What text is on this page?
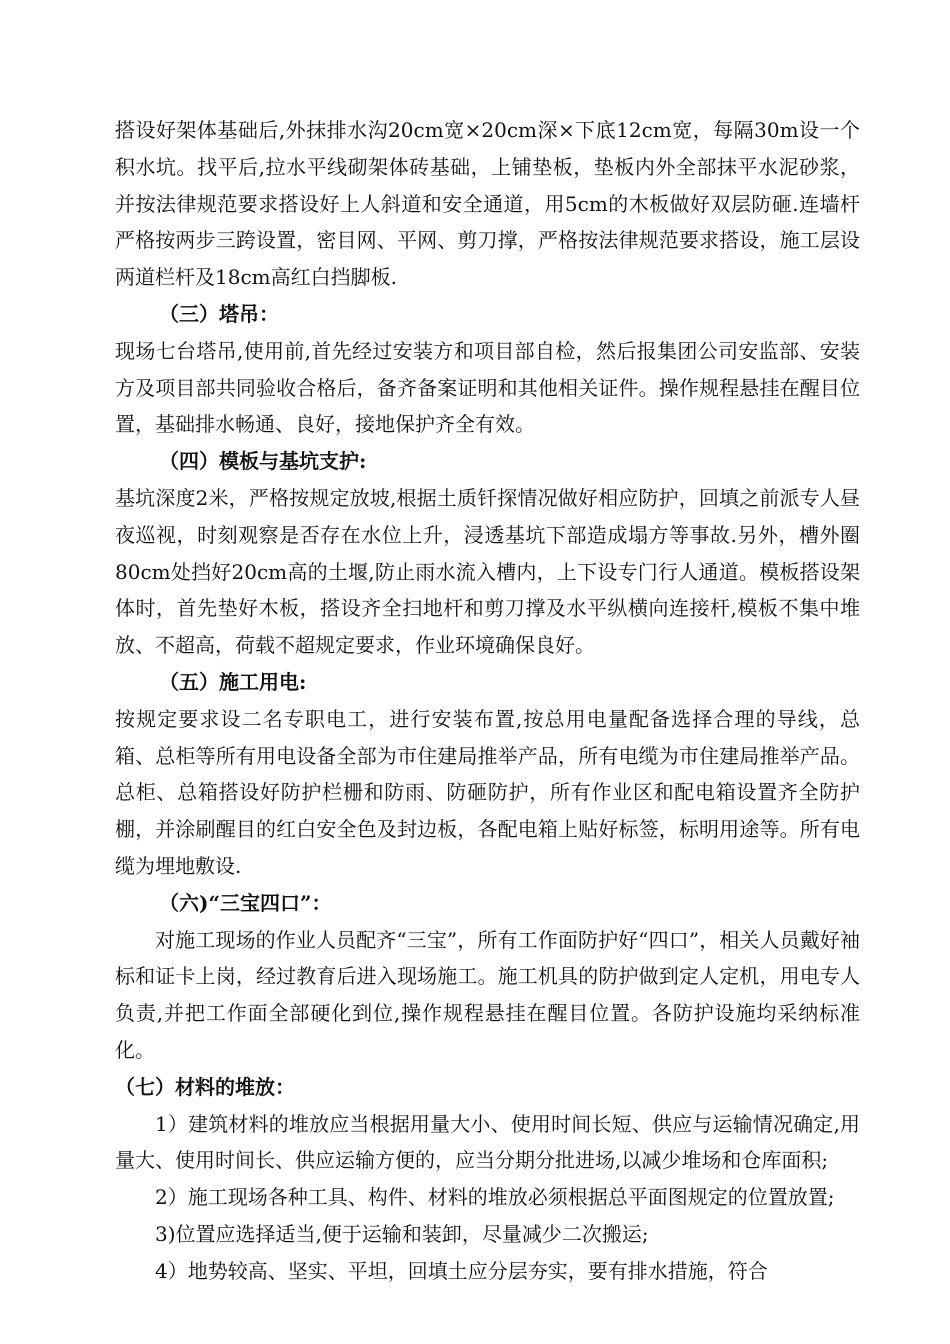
搭设好架体基础后,外抹排水沟20cm宽×20cm深×下底12cm宽，每隔30m设一个积水坑。找平后,拉水平线砌架体砖基础，上铺垫板，垫板内外全部抹平水泥砂浆，并按法律规范要求搭设好上人斜道和安全通道，用5cm的木板做好双层防砸.连墙杆严格按两步三跨设置，密目网、平网、剪刀撑，严格按法律规范要求搭设，施工层设两道栏杆及18cm高红白挡脚板.

（三）塔吊：

现场七台塔吊,使用前,首先经过安装方和项目部自检，然后报集团公司安监部、安装方及项目部共同验收合格后，备齐备案证明和其他相关证件。操作规程悬挂在醒目位置，基础排水畅通、良好，接地保护齐全有效。

（四）模板与基坑支护:

基坑深度2米，严格按规定放坡,根据土质钎探情况做好相应防护，回填之前派专人昼夜巡视，时刻观察是否存在水位上升，浸透基坑下部造成塌方等事故.另外，槽外圈80cm处挡好20cm高的土堰,防止雨水流入槽内，上下设专门行人通道。模板搭设架体时，首先垫好木板，搭设齐全扫地杆和剪刀撑及水平纵横向连接杆,模板不集中堆放、不超高，荷载不超规定要求，作业环境确保良好。

（五）施工用电:

按规定要求设二名专职电工，进行安装布置,按总用电量配备选择合理的导线，总箱、总柜等所有用电设备全部为市住建局推举产品，所有电缆为市住建局推举产品。总柜、总箱搭设好防护栏栅和防雨、防砸防护，所有作业区和配电箱设置齐全防护棚，并涂刷醒目的红白安全色及封边板，各配电箱上贴好标签，标明用途等。所有电缆为埋地敷设.

（六)“三宝四口”：

对施工现场的作业人员配齐“三宝”，所有工作面防护好“四口”，相关人员戴好袖标和证卡上岗，经过教育后进入现场施工。施工机具的防护做到定人定机，用电专人负责,并把工作面全部硬化到位,操作规程悬挂在醒目位置。各防护设施均采纳标准化。

（七）材料的堆放：

1）建筑材料的堆放应当根据用量大小、使用时间长短、供应与运输情况确定,用量大、使用时间长、供应运输方便的，应当分期分批进场,以减少堆场和仓库面积;

2）施工现场各种工具、构件、材料的堆放必须根据总平面图规定的位置放置;

3)位置应选择适当,便于运输和装卸，尽量减少二次搬运;

4）地势较高、坚实、平坦，回填土应分层夯实，要有排水措施，符合
